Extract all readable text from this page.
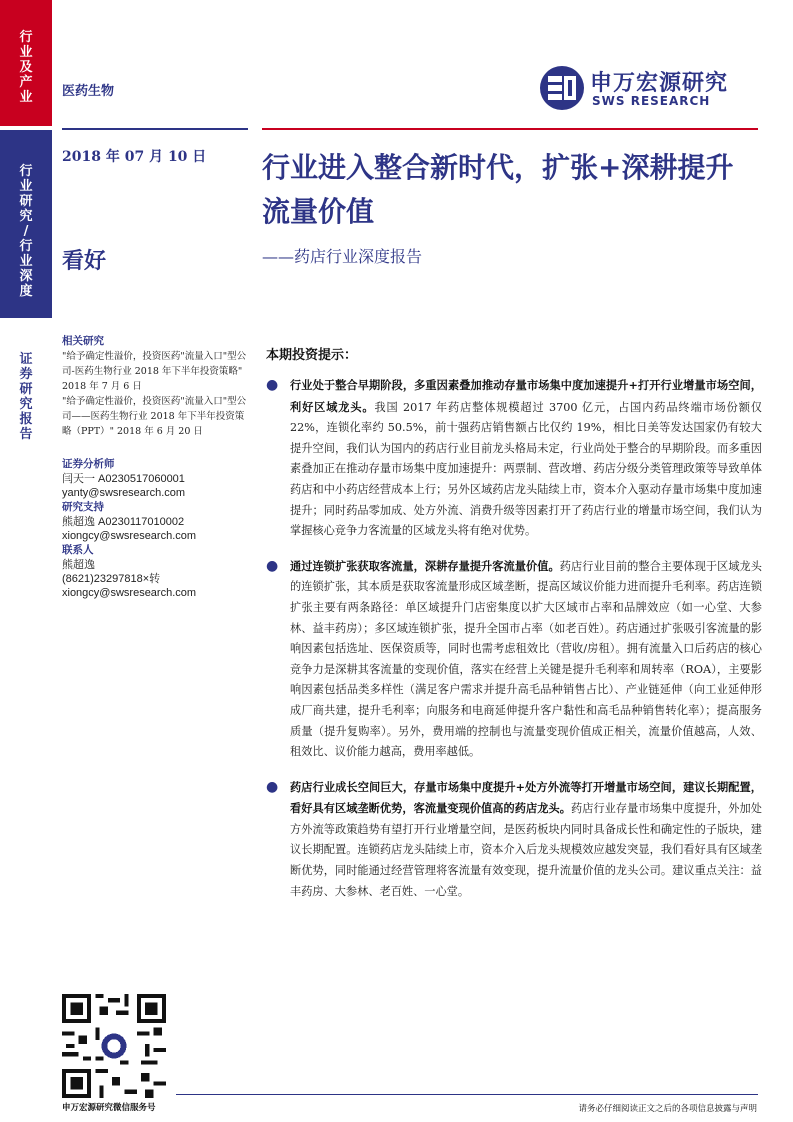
行
业
及
产
业
行
业
研
究
/
行
业
深
度
证
券
研
究
报
告
医药生物	申万宏源研究
SWS RESEARCH
2018 年 07 月 10 日
看好
行业进入整合新时代，扩张+深耕提升流量价值
——药店行业深度报告
相关研究
"给予确定性溢价，投资医药"流量入口"型公司-医药生物行业 2018 年下半年投资策略" 2018 年 7 月 6 日
"给予确定性溢价，投资医药"流量入口"型公司——医药生物行业 2018 年下半年投资策略（PPT）" 2018 年 6 月 20 日
证券分析师
闫天一 A0230517060001
yanty@swsresearch.com
研究支持
熊超逸 A0230117010002
xiongcy@swsresearch.com
联系人
熊超逸
(8621)23297818×转
xiongcy@swsresearch.com
本期投资提示：
● 行业处于整合早期阶段，多重因素叠加推动存量市场集中度加速提升+打开行业增量市场空间，利好区域龙头。我国 2017 年药店整体规模超过 3700 亿元，占国内药品终端市场份额仅 22%，连锁化率约 50.5%，前十强药店销售额占比仅约 19%，相比日美等发达国家仍有较大提升空间，我们认为国内的药店行业目前龙头格局未定，行业尚处于整合的早期阶段。而多重因素叠加正在推动存量市场集中度加速提升：两票制、营改增、药店分级分类管理政策等导致单体药店和中小药店经营成本上行；另外区域药店龙头陆续上市，资本介入驱动存量市场集中度加速提升；同时药品零加成、处方外流、消费升级等因素打开了药店行业的增量市场空间，我们认为掌握核心竞争力客流量的区域龙头将有绝对优势。
● 通过连锁扩张获取客流量，深耕存量提升客流量价值。药店行业目前的整合主要体现于区域龙头的连锁扩张，其本质是获取客流量形成区域垄断，提高区域议价能力进而提升毛利率。药店连锁扩张主要有两条路径：单区域提升门店密集度以扩大区域市占率和品牌效应（如一心堂、大参林、益丰药房）；多区域连锁扩张，提升全国市占率（如老百姓）。药店通过扩张吸引客流量的影响因素包括选址、医保资质等，同时也需考虑租效比（营收/房租）。拥有流量入口后药店的核心竞争力是深耕其客流量的变现价值，落实在经营上关键是提升毛利率和周转率（ROA），主要影响因素包括品类多样性（满足客户需求并提升高毛品种销售占比）、产业链延伸（向工业延伸形成厂商共建，提升毛利率；向服务和电商延伸提升客户黏性和高毛品种销售转化率）；提高服务质量（提升复购率）。另外，费用端的控制也与流量变现价值成正相关，流量价值越高，人效、租效比、议价能力越高，费用率越低。
● 药店行业成长空间巨大，存量市场集中度提升+处方外流等打开增量市场空间，建议长期配置，看好具有区域垄断优势，客流量变现价值高的药店龙头。药店行业存量市场集中度提升，外加处方外流等政策趋势有望打开行业增量空间，是医药板块内同时具备成长性和确定性的子版块，建议长期配置。连锁药店龙头陆续上市，资本介入后龙头规模效应越发突显，我们看好具有区域垄断优势，同时能通过经营管理将客流量有效变现，提升流量价值的龙头公司。建议重点关注：益丰药房、大参林、老百姓、一心堂。
申万宏源研究微信服务号	请务必仔细阅读正文之后的各项信息披露与声明
